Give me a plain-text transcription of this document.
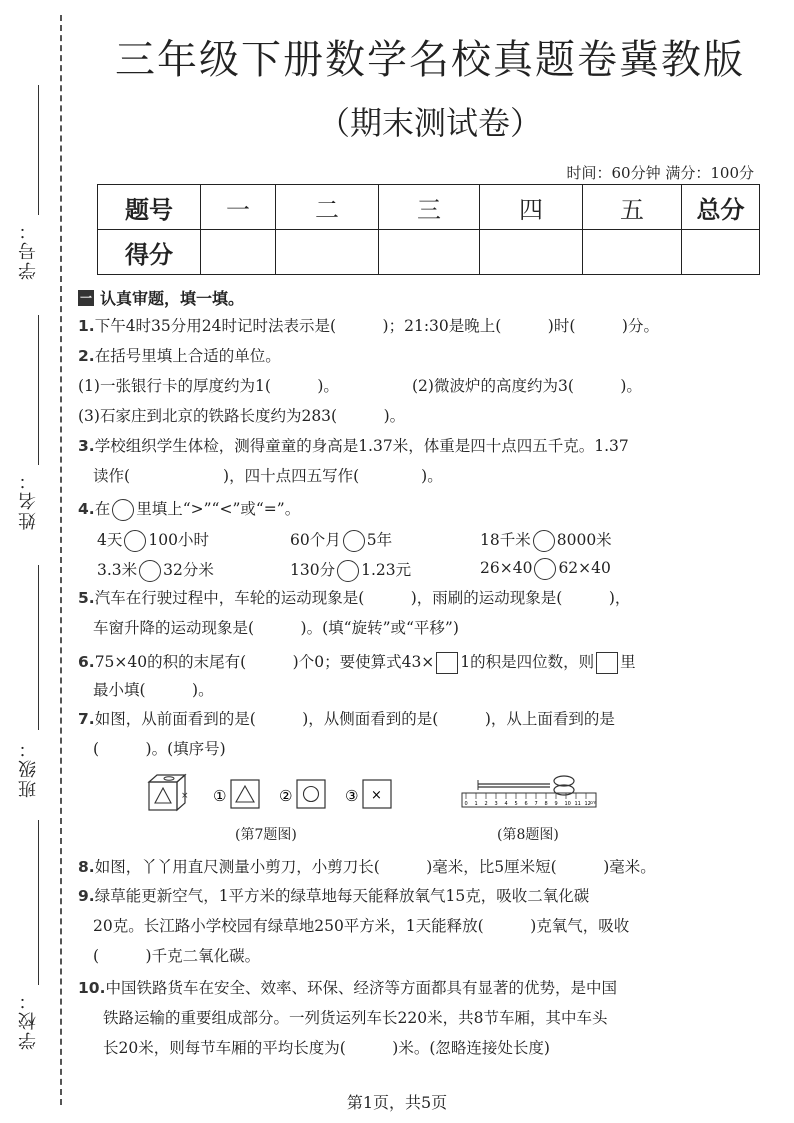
学号：
姓名：
班级：
学校：
三年级下册数学名校真题卷冀教版
（期末测试卷）
时间：60分钟 满分：100分
题号	一	二	三	四	五	总分
得分						
一 认真审题，填一填。
1.下午4时35分用24时记时法表示是(　　　)；21:30是晚上(　　　)时(　　　)分。
2.在括号里填上合适的单位。
(1)一张银行卡的厚度约为1(　　　)。	(2)微波炉的高度约为3(　　　)。
(3)石家庄到北京的铁路长度约为283(　　　)。
3.学校组织学生体检，测得童童的身高是1.37米，体重是四十点四五千克。1.37
读作(　　　　　　)，四十点四五写作(　　　　)。
4.在 里填上“>”“<”或“=”。
4天 100小时	60个月 5年	18千米 8000米
3.3米 32分米	130分 1.23元	26×40 62×40
5.汽车在行驶过程中，车轮的运动现象是(　　　)，雨刷的运动现象是(　　　)，
车窗升降的运动现象是(　　　)。(填“旋转”或“平移”)
6.75×40的积的末尾有(　　　)个0；要使算式43× 1的积是四位数，则 里
最小填(　　　)。
7.如图，从前面看到的是(　　　)，从侧面看到的是(　　　)，从上面看到的是
(　　　)。(填序号)
× ①	②	③ ×
(第7题图)
0 1 2 3 4 5 6 7 8 9 10 11 12 cm
(第8题图)
8.如图，丫丫用直尺测量小剪刀，小剪刀长(　　　)毫米，比5厘米短(　　　)毫米。
9.绿草能更新空气，1平方米的绿草地每天能释放氧气15克，吸收二氧化碳
20克。长江路小学校园有绿草地250平方米，1天能释放(　　　)克氧气，吸收
(　　　)千克二氧化碳。
10.中国铁路货车在安全、效率、环保、经济等方面都具有显著的优势，是中国
铁路运输的重要组成部分。一列货运列车长220米，共8节车厢，其中车头
长20米，则每节车厢的平均长度为(　　　)米。(忽略连接处长度)
第1页，共5页
